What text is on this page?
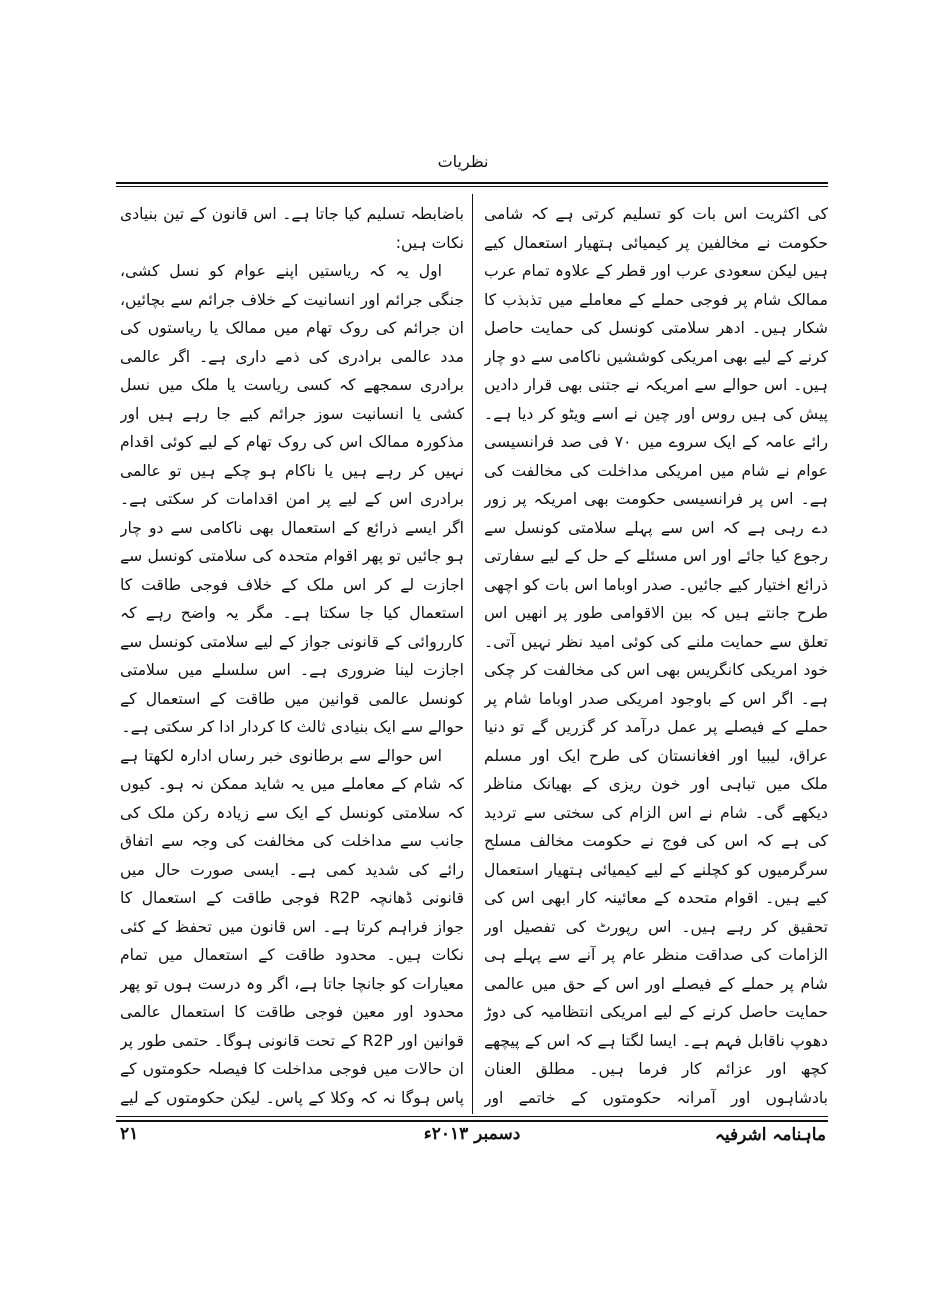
نظریات

کی اکثریت اس بات کو تسلیم کرتی ہے کہ شامی حکومت نے مخالفین پر کیمیائی ہتھیار استعمال کیے ہیں لیکن سعودی عرب اور قطر کے علاوہ تمام عرب ممالک شام پر فوجی حملے کے معاملے میں تذبذب کا شکار ہیں۔ ادھر سلامتی کونسل کی حمایت حاصل کرنے کے لیے بھی امریکی کوششیں ناکامی سے دو چار ہیں۔ اس حوالے سے امریکہ نے جتنی بھی قرار دادیں پیش کی ہیں روس اور چین نے اسے ویٹو کر دیا ہے۔ رائے عامہ کے ایک سروے میں ۷۰ فی صد فرانسیسی عوام نے شام میں امریکی مداخلت کی مخالفت کی ہے۔ اس پر فرانسیسی حکومت بھی امریکہ پر زور دے رہی ہے کہ اس سے پہلے سلامتی کونسل سے رجوع کیا جائے اور اس مسئلے کے حل کے لیے سفارتی ذرائع اختیار کیے جائیں۔ صدر اوباما اس بات کو اچھی طرح جانتے ہیں کہ بین الاقوامی طور پر انھیں اس تعلق سے حمایت ملنے کی کوئی امید نظر نہیں آتی۔ خود امریکی کانگریس بھی اس کی مخالفت کر چکی ہے۔ اگر اس کے باوجود امریکی صدر اوباما شام پر حملے کے فیصلے پر عمل درآمد کر گزریں گے تو دنیا عراق، لیبیا اور افغانستان کی طرح ایک اور مسلم ملک میں تباہی اور خون ریزی کے بھیانک مناظر دیکھے گی۔ شام نے اس الزام کی سختی سے تردید کی ہے کہ اس کی فوج نے حکومت مخالف مسلح سرگرمیوں کو کچلنے کے لیے کیمیائی ہتھیار استعمال کیے ہیں۔ اقوام متحدہ کے معائینہ کار ابھی اس کی تحقیق کر رہے ہیں۔ اس رپورٹ کی تفصیل اور الزامات کی صداقت منظر عام پر آنے سے پہلے ہی شام پر حملے کے فیصلے اور اس کے حق میں عالمی حمایت حاصل کرنے کے لیے امریکی انتظامیہ کی دوڑ دھوپ ناقابل فہم ہے۔ ایسا لگتا ہے کہ اس کے پیچھے کچھ اور عزائم کار فرما ہیں۔ مطلق العنان بادشاہوں اور آمرانہ حکومتوں کے خاتمے اور

باضابطہ تسلیم کیا جاتا ہے۔ اس قانون کے تین بنیادی نکات ہیں:

اول یہ کہ ریاستیں اپنے عوام کو نسل کشی، جنگی جرائم اور انسانیت کے خلاف جرائم سے بچائیں، ان جرائم کی روک تھام میں ممالک یا ریاستوں کی مدد عالمی برادری کی ذمے داری ہے۔ اگر عالمی برادری سمجھے کہ کسی ریاست یا ملک میں نسل کشی یا انسانیت سوز جرائم کیے جا رہے ہیں اور مذکورہ ممالک اس کی روک تھام کے لیے کوئی اقدام نہیں کر رہے ہیں یا ناکام ہو چکے ہیں تو عالمی برادری اس کے لیے پر امن اقدامات کر سکتی ہے۔ اگر ایسے ذرائع کے استعمال بھی ناکامی سے دو چار ہو جائیں تو پھر اقوام متحدہ کی سلامتی کونسل سے اجازت لے کر اس ملک کے خلاف فوجی طاقت کا استعمال کیا جا سکتا ہے۔ مگر یہ واضح رہے کہ کارروائی کے قانونی جواز کے لیے سلامتی کونسل سے اجازت لینا ضروری ہے۔ اس سلسلے میں سلامتی کونسل عالمی قوانین میں طاقت کے استعمال کے حوالے سے ایک بنیادی ثالث کا کردار ادا کر سکتی ہے۔

اس حوالے سے برطانوی خبر رساں ادارہ لکھتا ہے کہ شام کے معاملے میں یہ شاید ممکن نہ ہو۔ کیوں کہ سلامتی کونسل کے ایک سے زیادہ رکن ملک کی جانب سے مداخلت کی مخالفت کی وجہ سے اتفاق رائے کی شدید کمی ہے۔ ایسی صورت حال میں قانونی ڈھانچہ R2P فوجی طاقت کے استعمال کا جواز فراہم کرتا ہے۔ اس قانون میں تحفظ کے کئی نکات ہیں۔ محدود طاقت کے استعمال میں تمام معیارات کو جانچا جاتا ہے، اگر وہ درست ہوں تو پھر محدود اور معین فوجی طاقت کا استعمال عالمی قوانین اور R2P کے تحت قانونی ہوگا۔ حتمی طور پر ان حالات میں فوجی مداخلت کا فیصلہ حکومتوں کے پاس ہوگا نہ کہ وکلا کے پاس۔ لیکن حکومتوں کے لیے

ماہنامہ اشرفیہ
دسمبر ۲۰۱۳ء
۲۱
